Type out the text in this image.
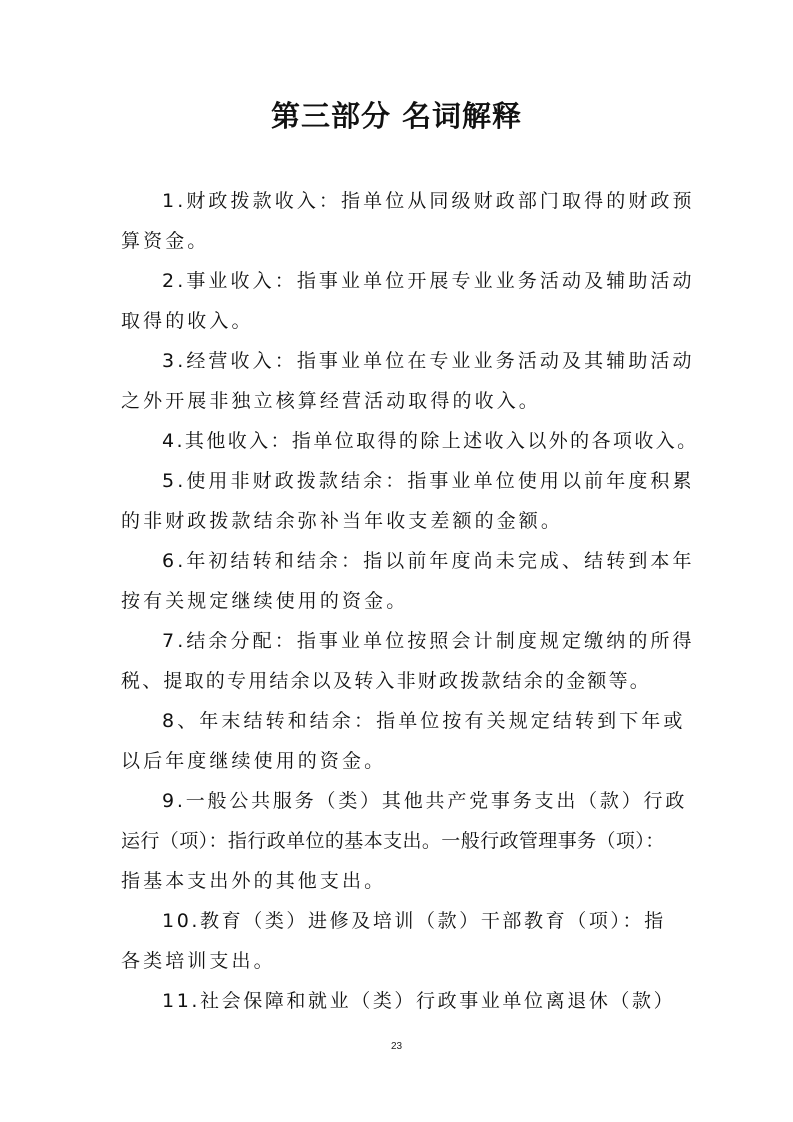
第三部分 名词解释

1.财政拨款收入：指单位从同级财政部门取得的财政预

算资金。

2.事业收入：指事业单位开展专业业务活动及辅助活动

取得的收入。

3.经营收入：指事业单位在专业业务活动及其辅助活动

之外开展非独立核算经营活动取得的收入。

4.其他收入：指单位取得的除上述收入以外的各项收入。

5.使用非财政拨款结余：指事业单位使用以前年度积累

的非财政拨款结余弥补当年收支差额的金额。

6.年初结转和结余：指以前年度尚未完成、结转到本年

按有关规定继续使用的资金。

7.结余分配：指事业单位按照会计制度规定缴纳的所得

税、提取的专用结余以及转入非财政拨款结余的金额等。

8、年末结转和结余：指单位按有关规定结转到下年或

以后年度继续使用的资金。

9.一般公共服务（类）其他共产党事务支出（款）行政

运行（项）：指行政单位的基本支出。一般行政管理事务（项）：

指基本支出外的其他支出。

10.教育（类）进修及培训（款）干部教育（项）：指

各类培训支出。

11.社会保障和就业（类）行政事业单位离退休（款）

23
